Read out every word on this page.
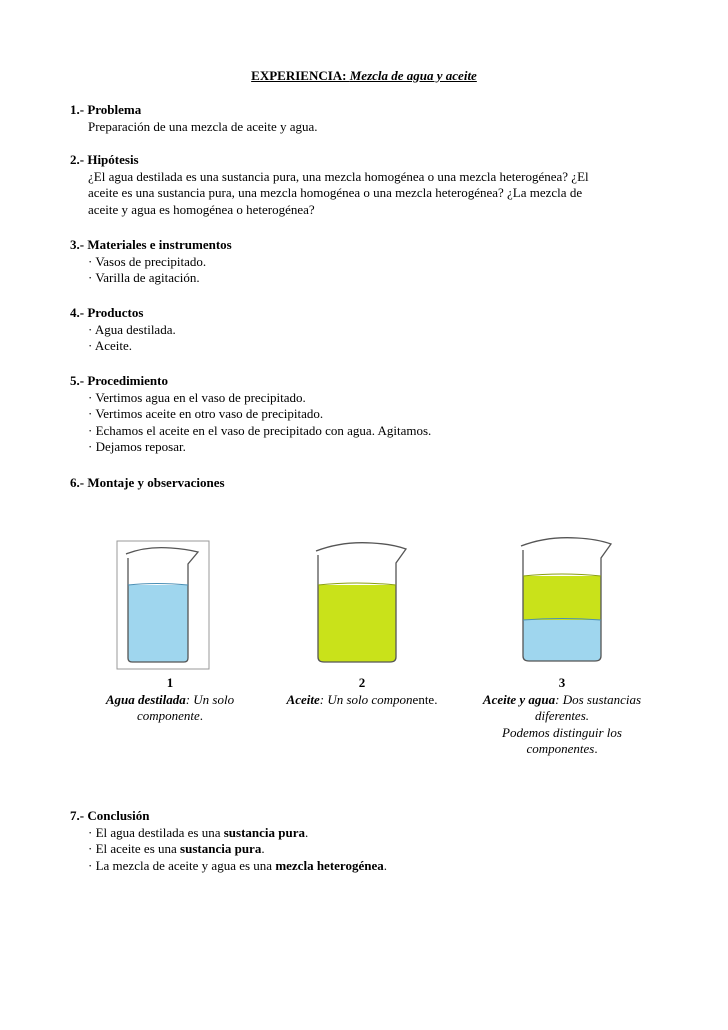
EXPERIENCIA: Mezcla de agua y aceite
1.- Problema
Preparación de una mezcla de aceite y agua.
2.- Hipótesis
¿El agua destilada es una sustancia pura, una mezcla homogénea o una mezcla heterogénea? ¿El
aceite es una sustancia pura, una mezcla homogénea o una mezcla heterogénea? ¿La mezcla de
aceite y agua es homogénea o heterogénea?
3.- Materiales e instrumentos
· Vasos de precipitado.
· Varilla de agitación.
4.- Productos
· Agua destilada.
· Aceite.
5.- Procedimiento
· Vertimos agua en el vaso de precipitado.
· Vertimos aceite en otro vaso de precipitado.
· Echamos el aceite en el vaso de precipitado con agua. Agitamos.
· Dejamos reposar.
6.- Montaje y observaciones
1
Agua destilada: Un solo
componente.
2
Aceite: Un solo componente.
3
Aceite y agua: Dos sustancias
diferentes.
Podemos distinguir los
componentes.
7.- Conclusión
· El agua destilada es una sustancia pura.
· El aceite es una sustancia pura.
· La mezcla de aceite y agua es una mezcla heterogénea.
